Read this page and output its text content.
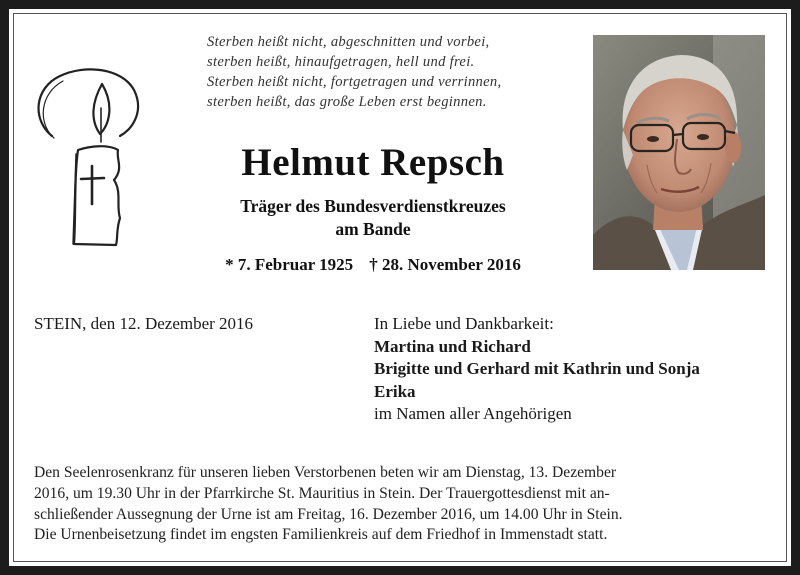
Sterben heißt nicht, abgeschnitten und vorbei,
sterben heißt, hinaufgetragen, hell und frei.
Sterben heißt nicht, fortgetragen und verrinnen,
sterben heißt, das große Leben erst beginnen.
Helmut Repsch
Träger des Bundesverdienstkreuzes
am Bande
* 7. Februar 1925 † 28. November 2016
STEIN, den 12. Dezember 2016	In Liebe und Dankbarkeit:
Martina und Richard
Brigitte und Gerhard mit Kathrin und Sonja
Erika
im Namen aller Angehörigen
Den Seelenrosenkranz für unseren lieben Verstorbenen beten wir am Dienstag, 13. Dezember
2016, um 19.30 Uhr in der Pfarrkirche St. Mauritius in Stein. Der Trauergottesdienst mit an-
schließender Aussegnung der Urne ist am Freitag, 16. Dezember 2016, um 14.00 Uhr in Stein.
Die Urnenbeisetzung findet im engsten Familienkreis auf dem Friedhof in Immenstadt statt.
